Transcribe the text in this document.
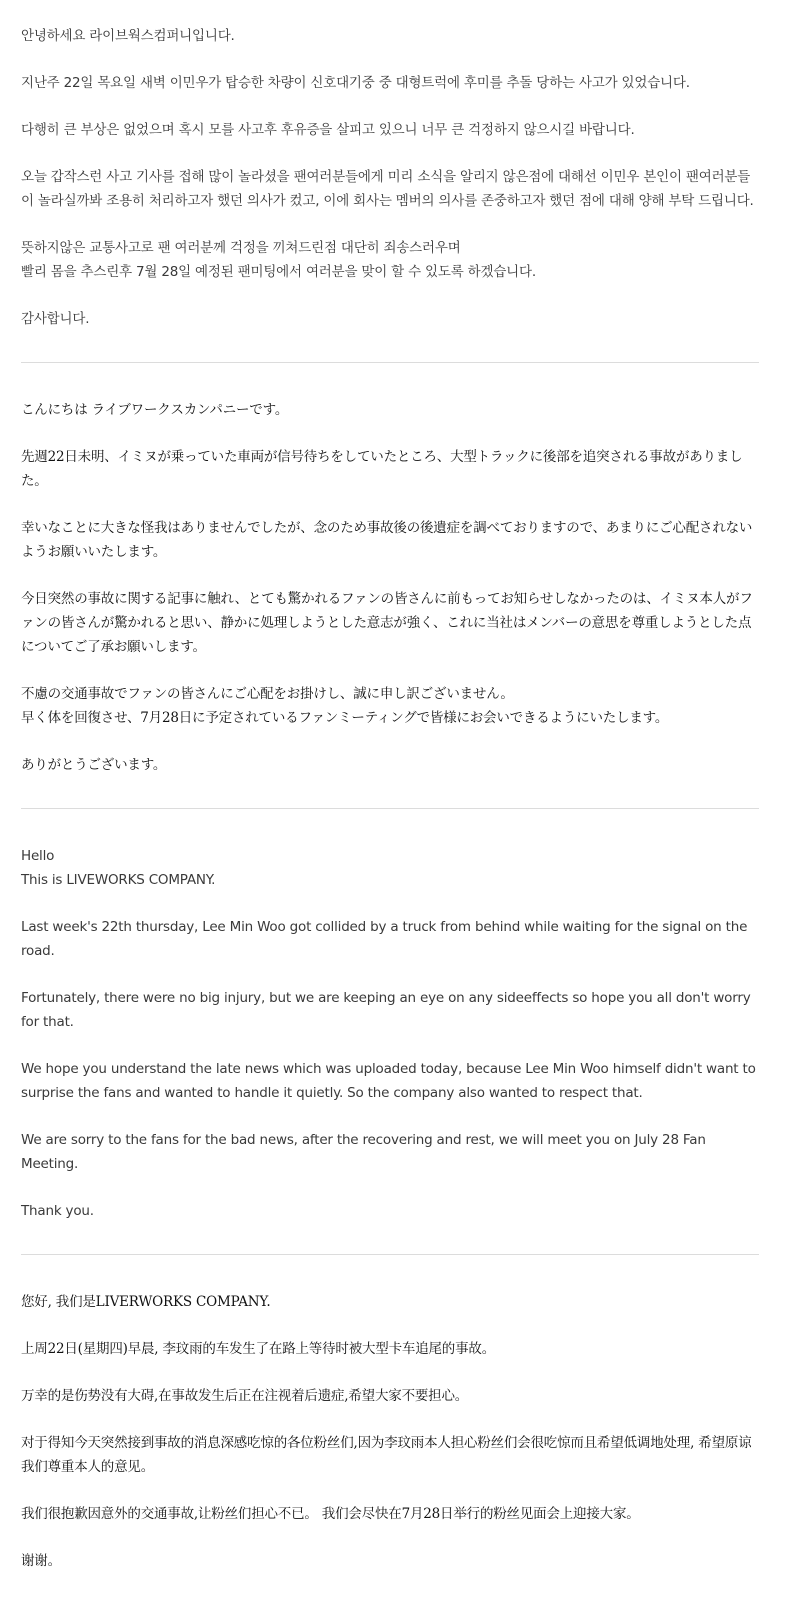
안녕하세요 라이브웍스컴퍼니입니다.

지난주 22일 목요일 새벽 이민우가 탑승한 차량이 신호대기중 중 대형트럭에 후미를 추돌 당하는 사고가 있었습니다.

다행히 큰 부상은 없었으며 혹시 모를 사고후 후유증을 살피고 있으니 너무 큰 걱정하지 않으시길 바랍니다.

오늘 갑작스런 사고 기사를 접해 많이 놀라셨을 팬여러분들에게 미리 소식을 알리지 않은점에 대해선 이민우 본인이 팬여러분들이 놀라실까봐 조용히 처리하고자 했던 의사가 컸고, 이에 회사는 멤버의 의사를 존중하고자 했던 점에 대해 양해 부탁 드립니다.

뜻하지않은 교통사고로 팬 여러분께 걱정을 끼쳐드린점 대단히 죄송스러우며
빨리 몸을 추스린후 7월 28일 예정된 팬미팅에서 여러분을 맞이 할 수 있도록 하겠습니다.

감사합니다.

こんにちは ライブワークスカンパニーです。

先週22日未明、イミヌが乗っていた車両が信号待ちをしていたところ、大型トラックに後部を追突される事故がありました。

幸いなことに大きな怪我はありませんでしたが、念のため事故後の後遺症を調べておりますので、あまりにご心配されないようお願いいたします。

今日突然の事故に関する記事に触れ、とても驚かれるファンの皆さんに前もってお知らせしなかったのは、イミヌ本人がファンの皆さんが驚かれると思い、静かに処理しようとした意志が強く、これに当社はメンバーの意思を尊重しようとした点についてご了承お願いします。

不慮の交通事故でファンの皆さんにご心配をお掛けし、誠に申し訳ございません。
早く体を回復させ、7月28日に予定されているファンミーティングで皆様にお会いできるようにいたします。

ありがとうございます。

Hello
This is LIVEWORKS COMPANY.

Last week's 22th thursday, Lee Min Woo got collided by a truck from behind while waiting for the signal on the road.

Fortunately, there were no big injury, but we are keeping an eye on any sideeffects so hope you all don't worry for that.

We hope you understand the late news which was uploaded today, because Lee Min Woo himself didn't want to surprise the fans and wanted to handle it quietly. So the company also wanted to respect that.

We are sorry to the fans for the bad news, after the recovering and rest, we will meet you on July 28 Fan Meeting.

Thank you.

您好, 我们是LIVERWORKS COMPANY.

上周22日(星期四)早晨, 李玟雨的车发生了在路上等待时被大型卡车追尾的事故。

万幸的是伤势没有大碍,在事故发生后正在注视着后遗症,希望大家不要担心。

对于得知今天突然接到事故的消息深感吃惊的各位粉丝们,因为李玟雨本人担心粉丝们会很吃惊而且希望低调地处理, 希望原谅我们尊重本人的意见。

我们很抱歉因意外的交通事故,让粉丝们担心不已。 我们会尽快在7月28日举行的粉丝见面会上迎接大家。

谢谢。
